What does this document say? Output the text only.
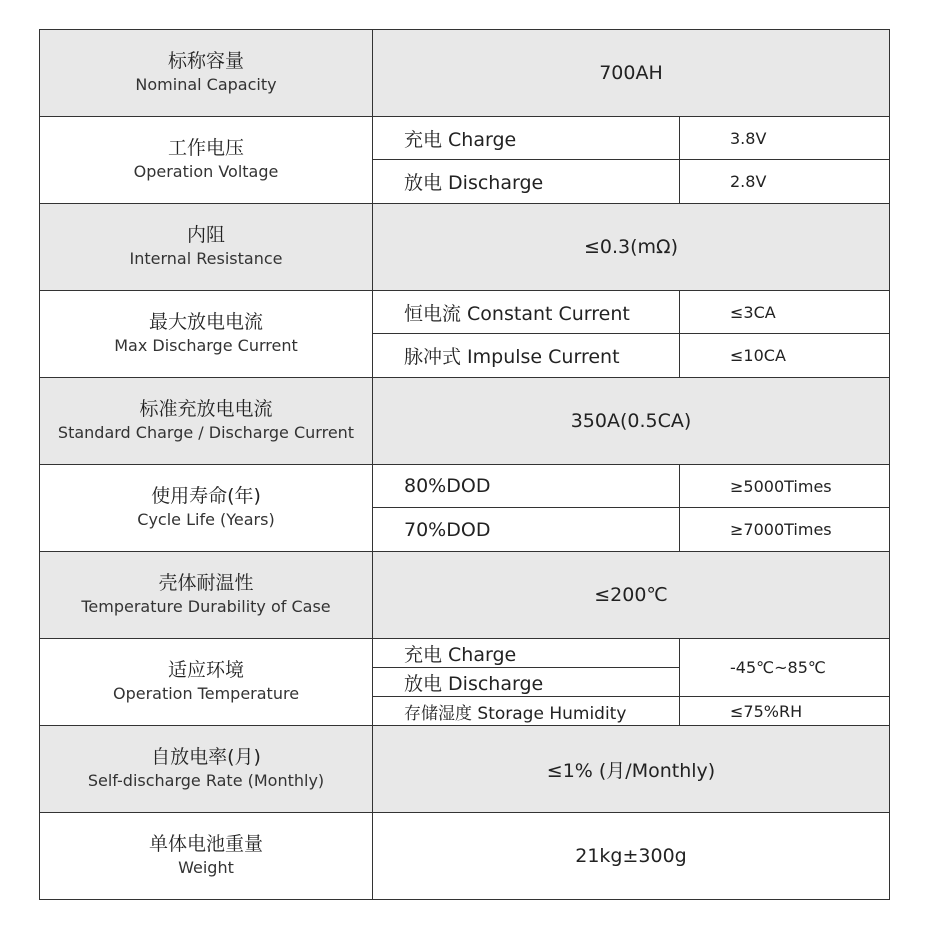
标称容量
Nominal Capacity	700AH	

工作电压
Operation Voltage	充电 Charge	3.8V
	放电 Discharge	2.8V

内阻
Internal Resistance	≤0.3(mΩ)	

最大放电电流
Max Discharge Current	恒电流 Constant Current	≤3CA
	脉冲式 Impulse Current	≤10CA

标准充放电电流
Standard Charge / Discharge Current	350A(0.5CA)	

使用寿命(年)
Cycle Life (Years)	80%DOD	≥5000Times
	70%DOD	≥7000Times

壳体耐温性
Temperature Durability of Case	≤200℃	

适应环境
Operation Temperature	充电 Charge	-45℃~85℃
	放电 Discharge	
	存储湿度 Storage Humidity	≤75%RH

自放电率(月)
Self-discharge Rate (Monthly)	≤1% (月/Monthly)	

单体电池重量
Weight	21kg±300g	
